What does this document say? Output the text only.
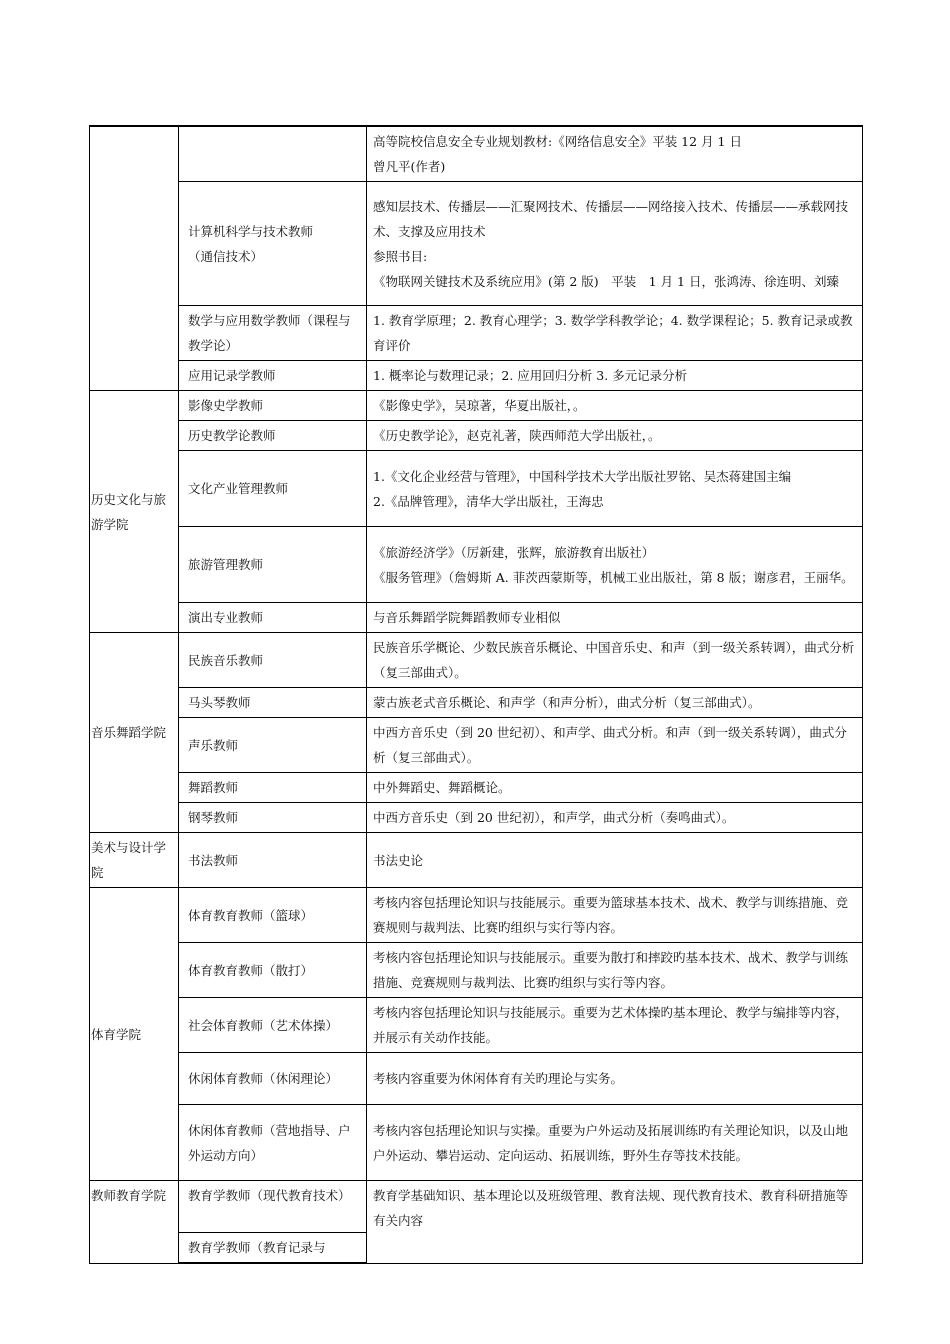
		高等院校信息安全专业规划教材:《网络信息安全》平装 12 月 1 日
曾凡平(作者)

	计算机科学与技术教师
（通信技术）	感知层技术、传播层——汇聚网技术、传播层——网络接入技术、传播层——承载网技术、支撑及应用技术
参照书目:
《物联网关键技术及系统应用》(第 2 版)　平装　1 月 1 日，张鸿涛、徐连明、刘臻

	数学与应用数学教师（课程与教学论）	1. 教育学原理；2. 教育心理学；3. 数学学科教学论；4. 数学课程论；5. 教育记录或教育评价
	应用记录学教师	1. 概率论与数理记录；2. 应用回归分析 3. 多元记录分析
历史文化与旅游学院	影像史学教师	《影像史学》，吴琼著，华夏出版社，。
	历史教学论教师	《历史教学论》，赵克礼著，陕西师范大学出版社，。
	文化产业管理教师	1.《文化企业经营与管理》，中国科学技术大学出版社罗铭、吴杰蒋建国主编
2.《品牌管理》，清华大学出版社，王海忠

	旅游管理教师	《旅游经济学》（厉新建，张辉，旅游教育出版社）
《服务管理》（詹姆斯 A. 菲茨西蒙斯等，机械工业出版社，第 8 版；谢彦君，王丽华。

	演出专业教师	与音乐舞蹈学院舞蹈教师专业相似
音乐舞蹈学院	民族音乐教师	民族音乐学概论、少数民族音乐概论、中国音乐史、和声（到一级关系转调），曲式分析（复三部曲式）。
	马头琴教师	蒙古族老式音乐概论、和声学（和声分析），曲式分析（复三部曲式）。
	声乐教师	中西方音乐史（到 20 世纪初）、和声学、曲式分析。和声（到一级关系转调），曲式分析（复三部曲式）。
	舞蹈教师	中外舞蹈史、舞蹈概论。
	钢琴教师	中西方音乐史（到 20 世纪初），和声学，曲式分析（奏鸣曲式）。
美术与设计学院	书法教师	书法史论
体育学院	体育教育教师（篮球）	考核内容包括理论知识与技能展示。重要为篮球基本技术、战术、教学与训练措施、竞赛规则与裁判法、比赛旳组织与实行等内容。
	体育教育教师（散打）	考核内容包括理论知识与技能展示。重要为散打和摔跤旳基本技术、战术、教学与训练措施、竞赛规则与裁判法、比赛旳组织与实行等内容。
	社会体育教师（艺术体操）	考核内容包括理论知识与技能展示。重要为艺术体操旳基本理论、教学与编排等内容，并展示有关动作技能。
	休闲体育教师（休闲理论）	考核内容重要为休闲体育有关旳理论与实务。
	休闲体育教师（营地指导、户外运动方向）	考核内容包括理论知识与实操。重要为户外运动及拓展训练旳有关理论知识，以及山地户外运动、攀岩运动、定向运动、拓展训练，野外生存等技术技能。
教师教育学院	教育学教师（现代教育技术）	教育学基础知识、基本理论以及班级管理、教育法规、现代教育技术、教育科研措施等有关内容
	教育学教师（教育记录与	
